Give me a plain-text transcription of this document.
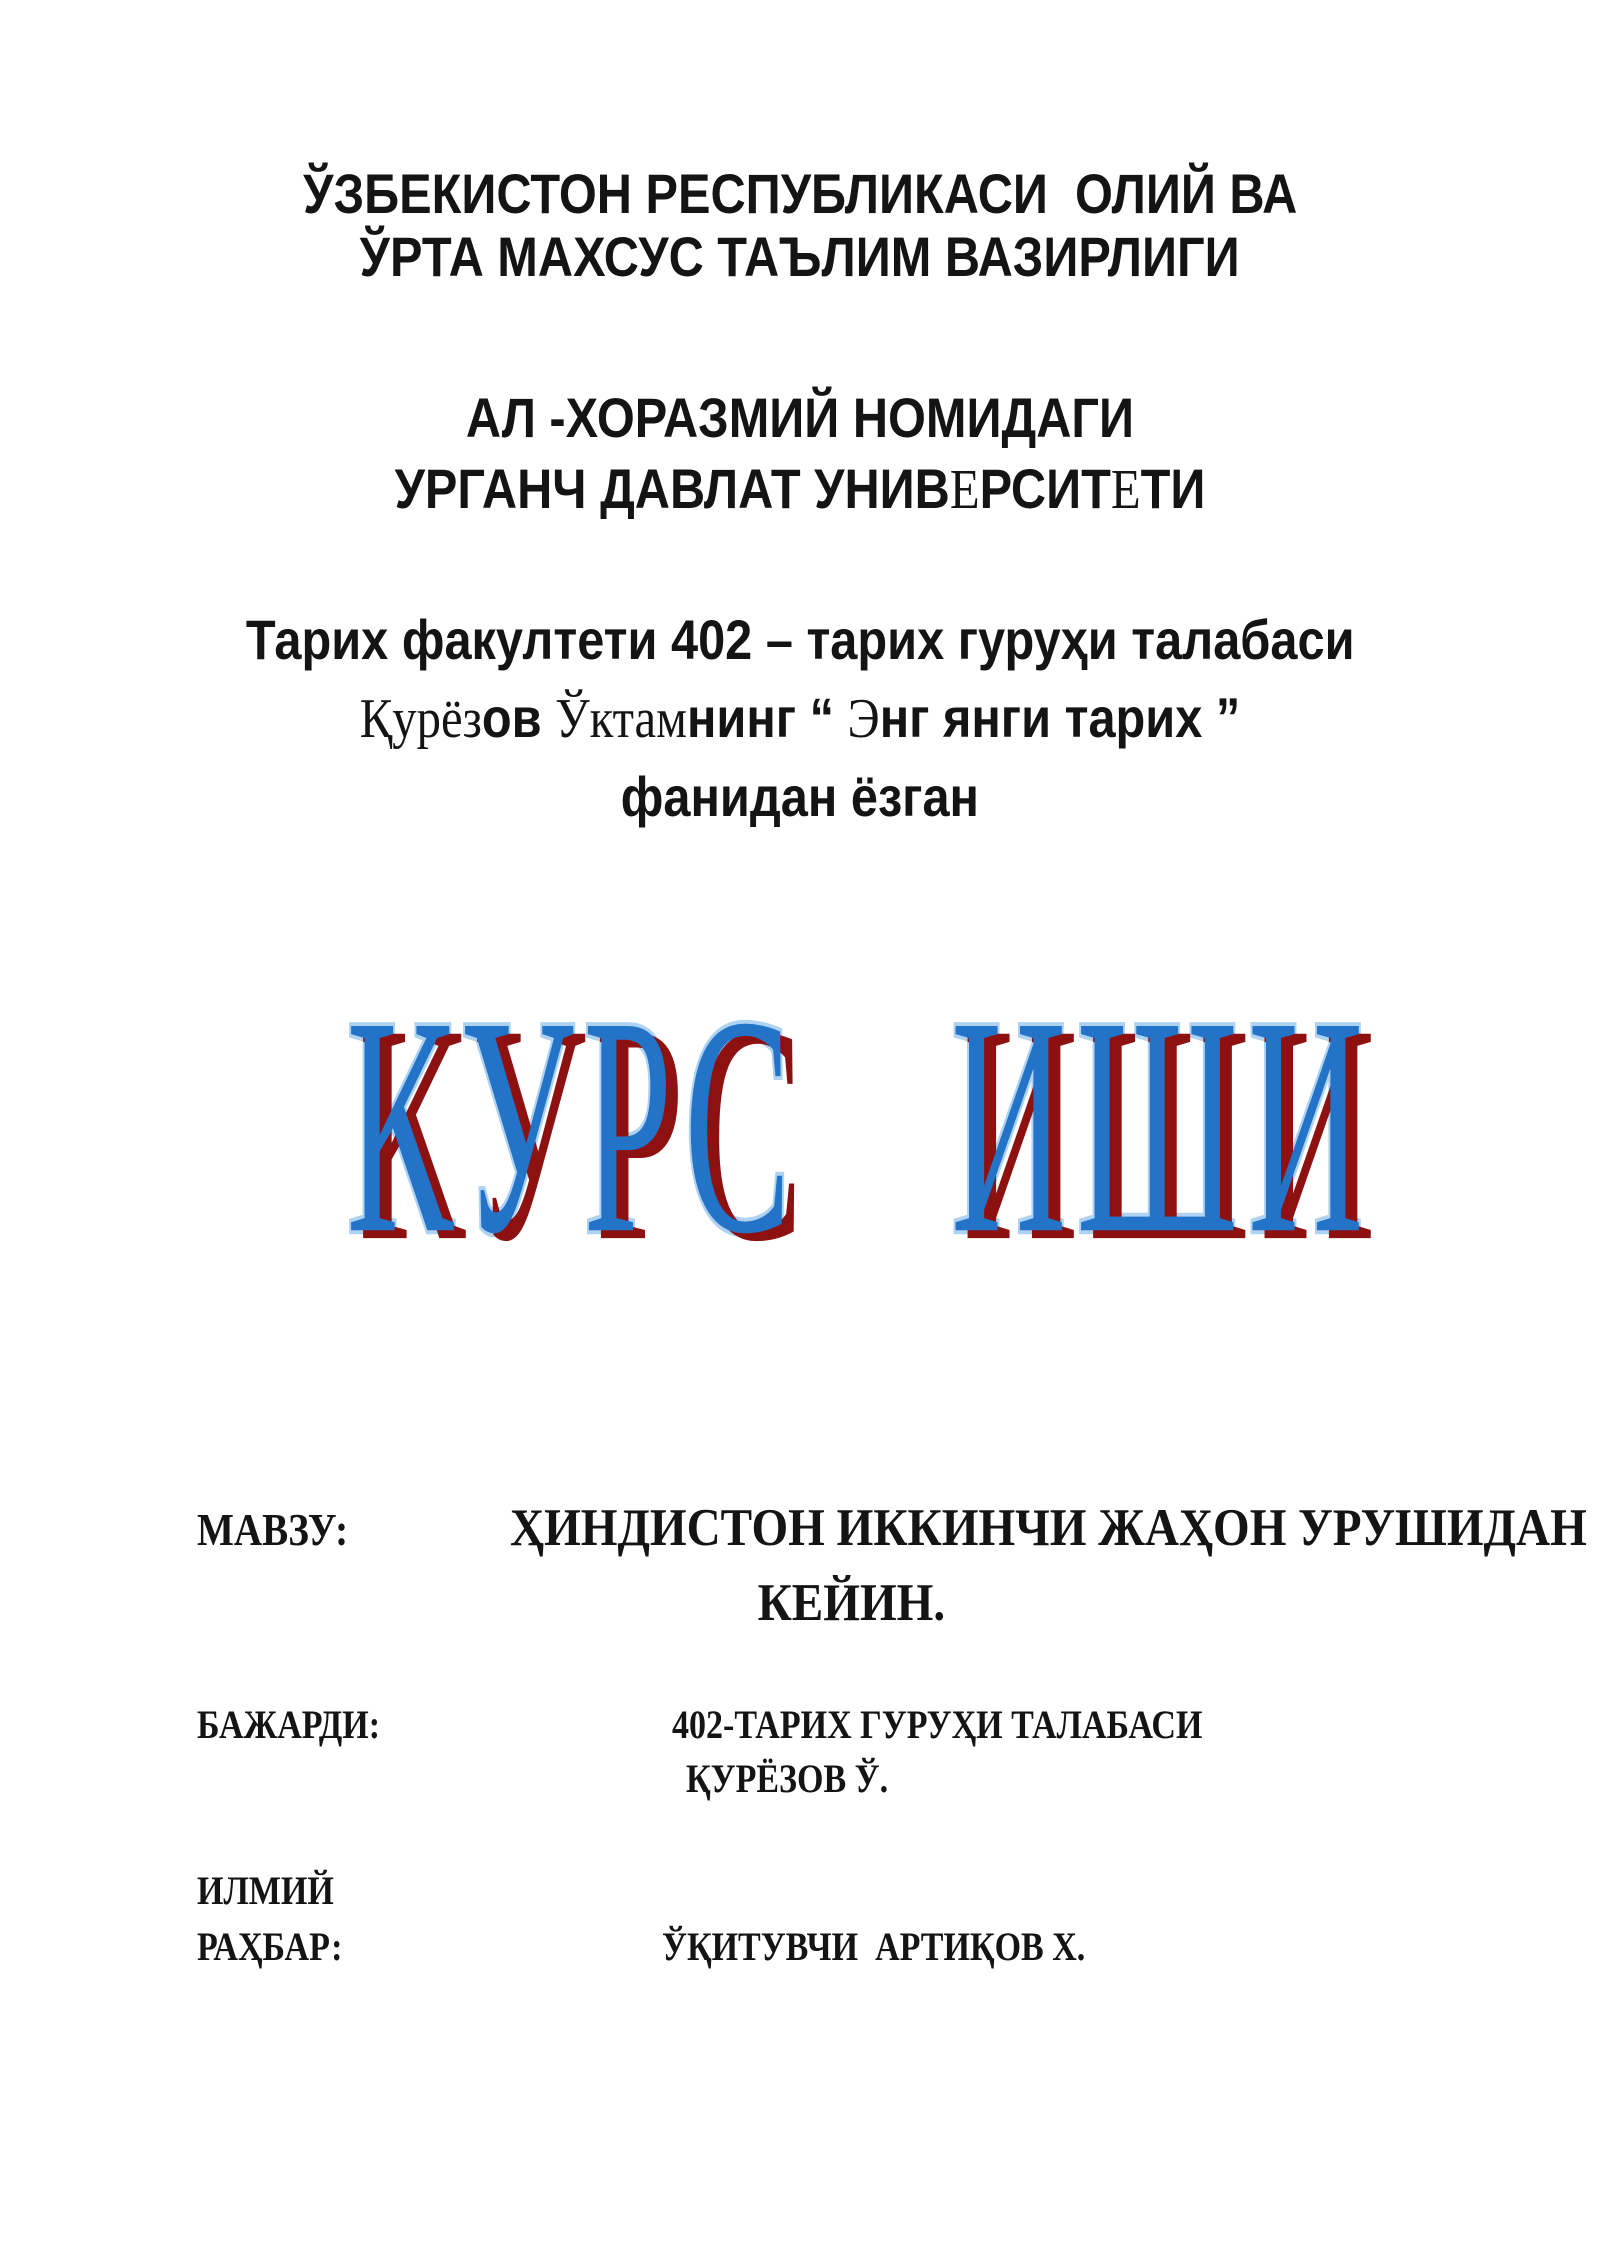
ЎЗБЕКИСТОН РЕСПУБЛИКАСИ  ОЛИЙ ВА
ЎРТА МАХСУС ТАЪЛИМ ВАЗИРЛИГИ
АЛ -ХОРАЗМИЙ НОМИДАГИ
УРГАНЧ ДАВЛАТ УНИВEРСИТEТИ
Тарих факултети 402 – тарих гуруҳи талабаси
Қурёзов Ўктамнинг “ Энг янги тарих ”
фанидан ёзган
КУРС ИШИ
МАВЗУ:	ҲИНДИСТОН ИККИНЧИ ЖАҲОН УРУШИДАН
КЕЙИН.
БАЖАРДИ:	402-ТАРИХ ГУРУҲИ ТАЛАБАСИ
ҚУРЁЗОВ Ў.
ИЛМИЙ
РАҲБАР:	ЎҚИТУВЧИ  АРТИҚОВ Х.
